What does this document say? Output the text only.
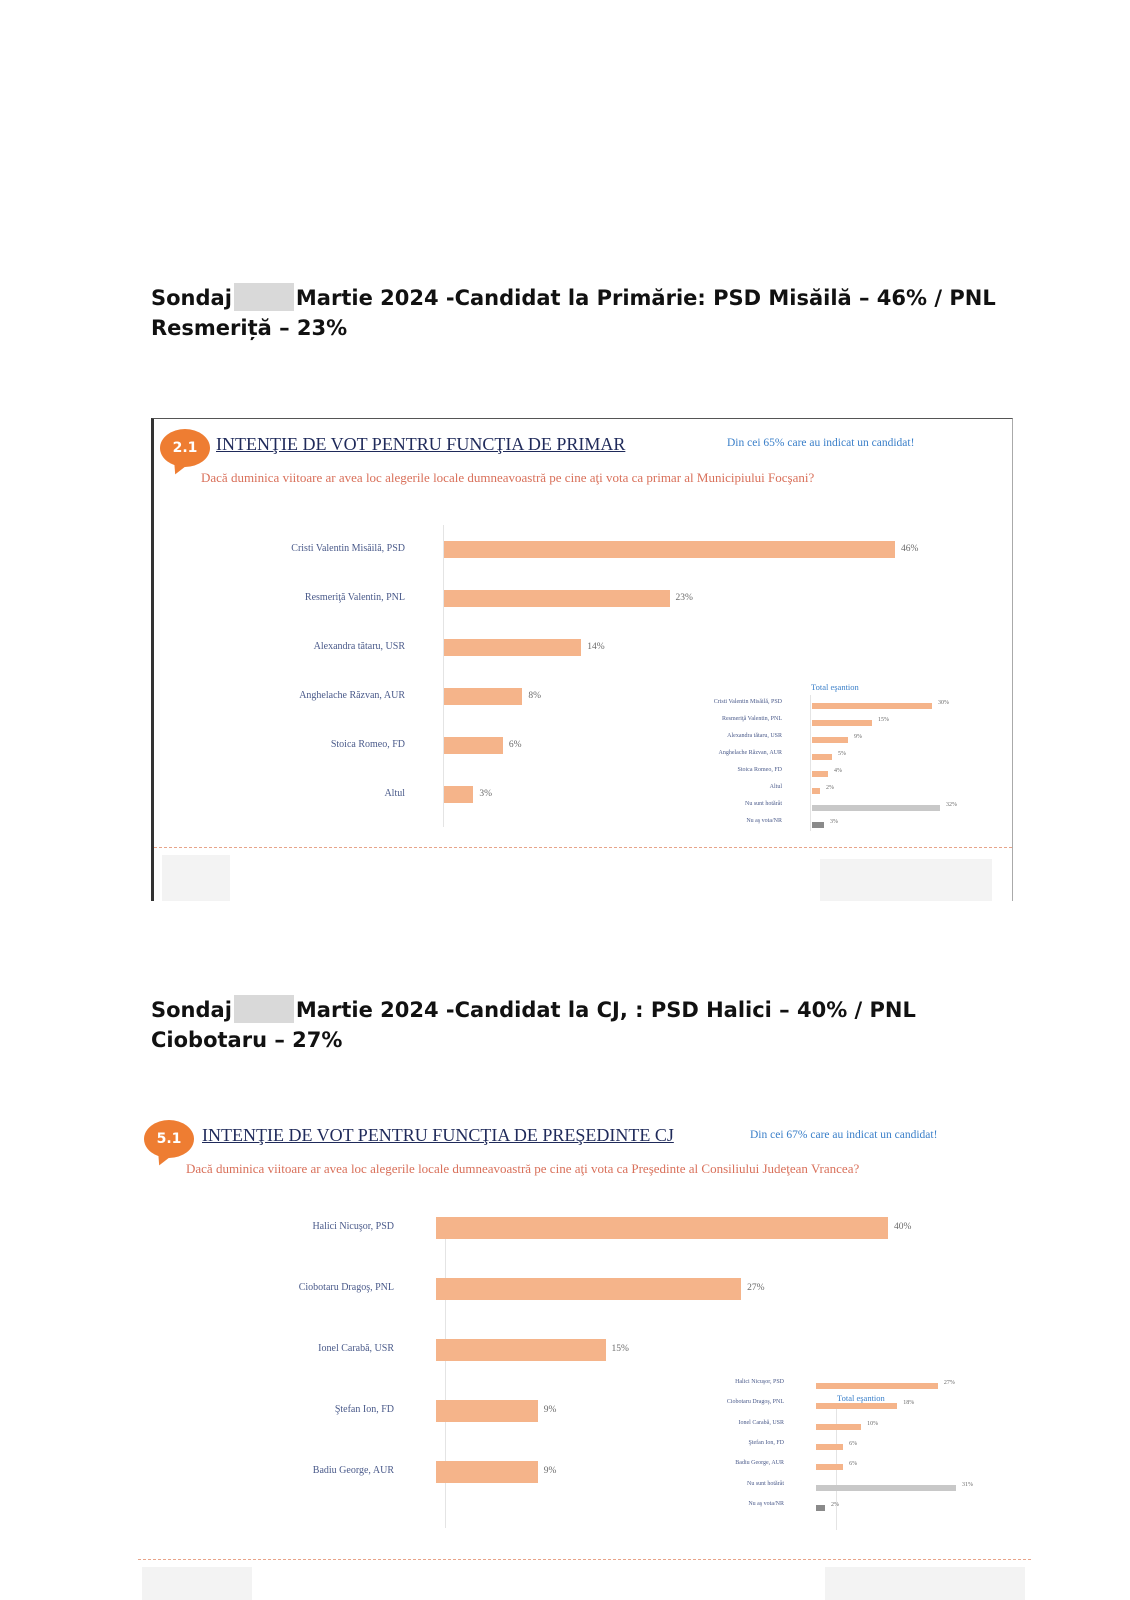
Sondaj	Martie 2024 -Candidat la Primărie: PSD Misăilă – 46% / PNL
Resmeriță – 23%
2.1	INTENŢIE DE VOT PENTRU FUNCŢIA DE PRIMAR	Din cei 65% care au indicat un candidat!
Dacă duminica viitoare ar avea loc alegerile locale dumneavoastră pe cine aţi vota ca primar al Municipiului Focşani?
Cristi Valentin Misăilă, PSD	46%
Resmeriţă Valentin, PNL	23%
Alexandra tătaru, USR	14%
Anghelache Răzvan, AUR	8%
Stoica Romeo, FD	6%
Altul	3%
Total eşantion
Cristi Valentin Misăilă, PSD	30%
Resmeriţă Valentin, PNL	15%
Alexandra tătaru, USR	9%
Anghelache Răzvan, AUR	5%
Stoica Romeo, FD	4%
Altul	2%
Nu sunt hotărât	32%
Nu aş vota/NR	3%
Sondaj	Martie 2024 -Candidat la CJ, : PSD Halici – 40% / PNL
Ciobotaru – 27%
5.1	INTENŢIE DE VOT PENTRU FUNCŢIA DE PREŞEDINTE CJ	Din cei 67% care au indicat un candidat!
Dacă duminica viitoare ar avea loc alegerile locale dumneavoastră pe cine aţi vota ca Preşedinte al Consiliului Judeţean Vrancea?
Halici Nicuşor, PSD	40%
Ciobotaru Dragoş, PNL	27%
Ionel Carabă, USR	15%
Ştefan Ion, FD	9%
Badiu George, AUR	9%
Total eşantion
Halici Nicuşor, PSD	27%
Ciobotaru Dragoş, PNL	18%
Ionel Carabă, USR	10%
Ştefan Ion, FD	6%
Badiu George, AUR	6%
Nu sunt hotărât	31%
Nu aş vota/NR	2%
